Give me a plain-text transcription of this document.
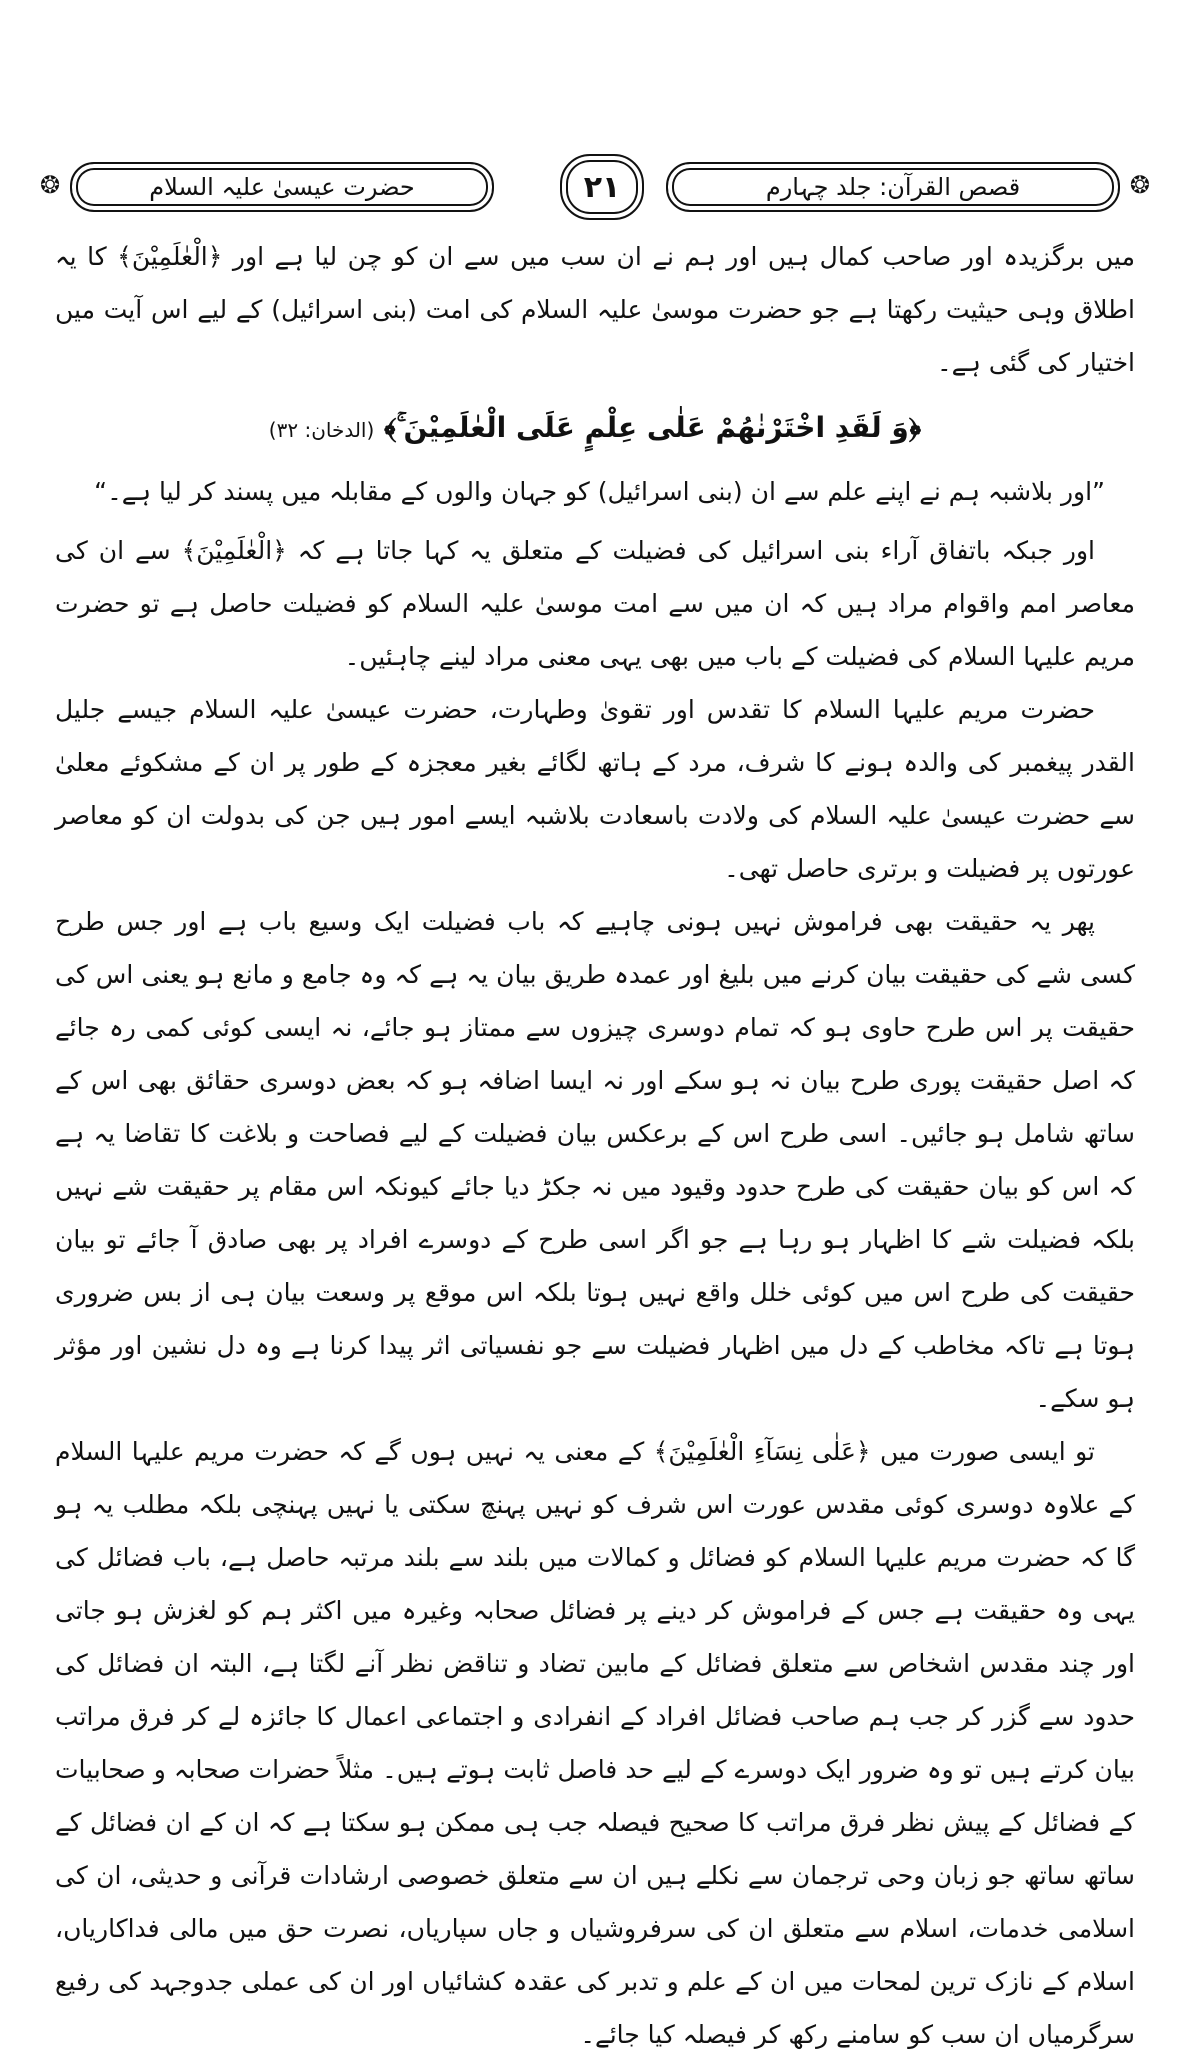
❂	حضرت عیسیٰ علیہ السلام	۲۱	قصص القرآن: جلد چہارم	❂

میں برگزیدہ اور صاحب کمال ہیں اور ہم نے ان سب میں سے ان کو چن لیا ہے اور ﴿الْعٰلَمِیْنَ﴾ کا یہ اطلاق وہی حیثیت رکھتا ہے جو حضرت موسیٰ علیہ السلام کی امت (بنی اسرائیل) کے لیے اس آیت میں اختیار کی گئی ہے۔

﴿وَ لَقَدِ اخْتَرْنٰهُمْ عَلٰى عِلْمٍ عَلَى الْعٰلَمِیْنَ ۚ﴾ (الدخان: ۳۲)

”اور بلاشبہ ہم نے اپنے علم سے ان (بنی اسرائیل) کو جہان والوں کے مقابلہ میں پسند کر لیا ہے۔“

اور جبکہ باتفاق آراء بنی اسرائیل کی فضیلت کے متعلق یہ کہا جاتا ہے کہ ﴿الْعٰلَمِیْنَ﴾ سے ان کی معاصر امم واقوام مراد ہیں کہ ان میں سے امت موسیٰ علیہ السلام کو فضیلت حاصل ہے تو حضرت مریم علیہا السلام کی فضیلت کے باب میں بھی یہی معنی مراد لینے چاہئیں۔

حضرت مریم علیہا السلام کا تقدس اور تقویٰ وطہارت، حضرت عیسیٰ علیہ السلام جیسے جلیل القدر پیغمبر کی والدہ ہونے کا شرف، مرد کے ہاتھ لگائے بغیر معجزہ کے طور پر ان کے مشکوئے معلیٰ سے حضرت عیسیٰ علیہ السلام کی ولادت باسعادت بلاشبہ ایسے امور ہیں جن کی بدولت ان کو معاصر عورتوں پر فضیلت و برتری حاصل تھی۔

پھر یہ حقیقت بھی فراموش نہیں ہونی چاہیے کہ باب فضیلت ایک وسیع باب ہے اور جس طرح کسی شے کی حقیقت بیان کرنے میں بلیغ اور عمدہ طریق بیان یہ ہے کہ وہ جامع و مانع ہو یعنی اس کی حقیقت پر اس طرح حاوی ہو کہ تمام دوسری چیزوں سے ممتاز ہو جائے، نہ ایسی کوئی کمی رہ جائے کہ اصل حقیقت پوری طرح بیان نہ ہو سکے اور نہ ایسا اضافہ ہو کہ بعض دوسری حقائق بھی اس کے ساتھ شامل ہو جائیں۔ اسی طرح اس کے برعکس بیان فضیلت کے لیے فصاحت و بلاغت کا تقاضا یہ ہے کہ اس کو بیان حقیقت کی طرح حدود وقیود میں نہ جکڑ دیا جائے کیونکہ اس مقام پر حقیقت شے نہیں بلکہ فضیلت شے کا اظہار ہو رہا ہے جو اگر اسی طرح کے دوسرے افراد پر بھی صادق آ جائے تو بیان حقیقت کی طرح اس میں کوئی خلل واقع نہیں ہوتا بلکہ اس موقع پر وسعت بیان ہی از بس ضروری ہوتا ہے تاکہ مخاطب کے دل میں اظہار فضیلت سے جو نفسیاتی اثر پیدا کرنا ہے وہ دل نشین اور مؤثر ہو سکے۔

تو ایسی صورت میں ﴿عَلٰى نِسَآءِ الْعٰلَمِیْنَ﴾ کے معنی یہ نہیں ہوں گے کہ حضرت مریم علیہا السلام کے علاوہ دوسری کوئی مقدس عورت اس شرف کو نہیں پہنچ سکتی یا نہیں پہنچی بلکہ مطلب یہ ہو گا کہ حضرت مریم علیہا السلام کو فضائل و کمالات میں بلند سے بلند مرتبہ حاصل ہے، باب فضائل کی یہی وہ حقیقت ہے جس کے فراموش کر دینے پر فضائل صحابہ وغیرہ میں اکثر ہم کو لغزش ہو جاتی اور چند مقدس اشخاص سے متعلق فضائل کے مابین تضاد و تناقض نظر آنے لگتا ہے، البتہ ان فضائل کی حدود سے گزر کر جب ہم صاحب فضائل افراد کے انفرادی و اجتماعی اعمال کا جائزہ لے کر فرق مراتب بیان کرتے ہیں تو وہ ضرور ایک دوسرے کے لیے حد فاصل ثابت ہوتے ہیں۔ مثلاً حضرات صحابہ و صحابیات کے فضائل کے پیش نظر فرق مراتب کا صحیح فیصلہ جب ہی ممکن ہو سکتا ہے کہ ان کے ان فضائل کے ساتھ ساتھ جو زبان وحی ترجمان سے نکلے ہیں ان سے متعلق خصوصی ارشادات قرآنی و حدیثی، ان کی اسلامی خدمات، اسلام سے متعلق ان کی سرفروشیاں و جاں سپاریاں، نصرت حق میں مالی فداکاریاں، اسلام کے نازک ترین لمحات میں ان کے علم و تدبر کی عقدہ کشائیاں اور ان کی عملی جدوجہد کی رفیع سرگرمیاں ان سب کو سامنے رکھ کر فیصلہ کیا جائے۔
